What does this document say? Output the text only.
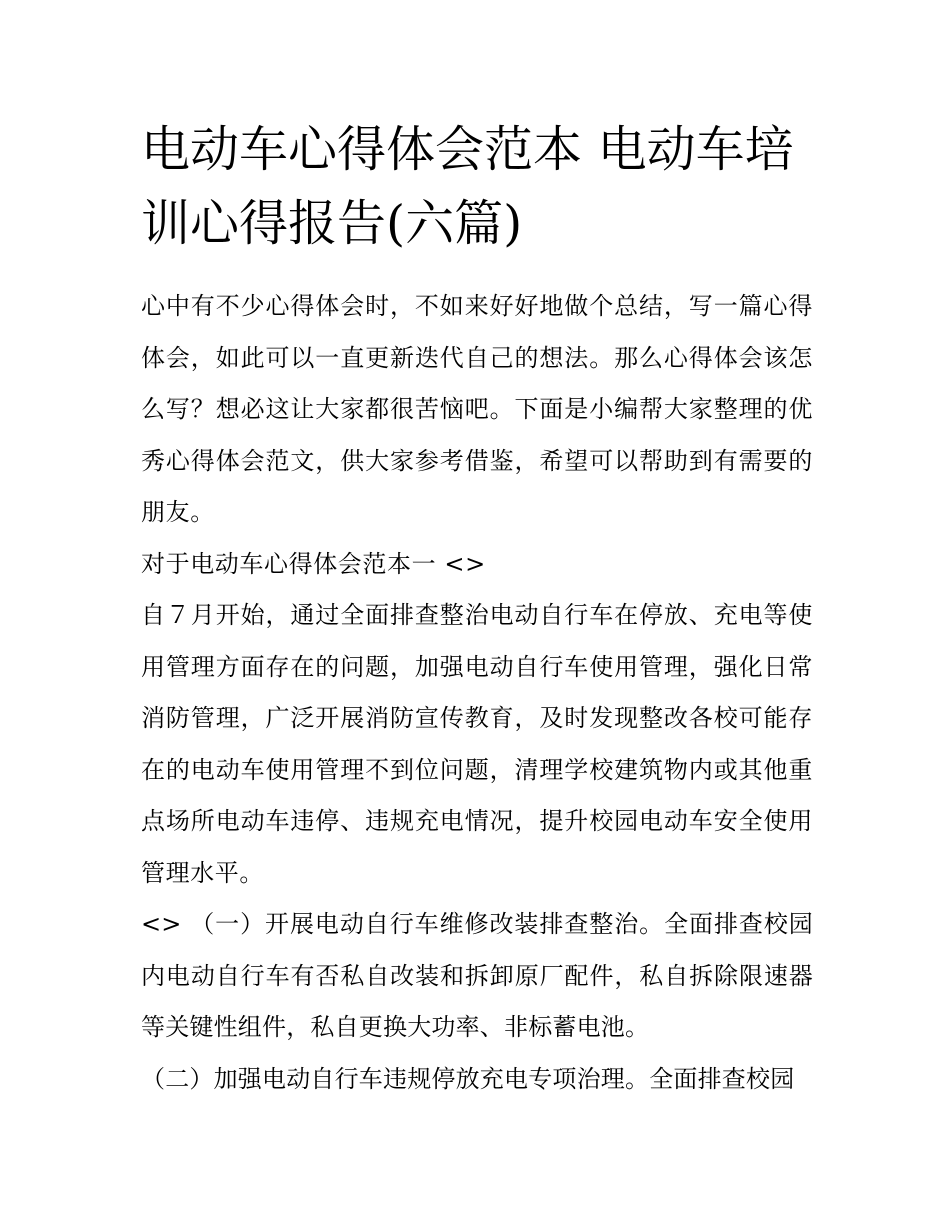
电动车心得体会范本 电动车培训心得报告(六篇)

心中有不少心得体会时，不如来好好地做个总结，写一篇心得体会，如此可以一直更新迭代自己的想法。那么心得体会该怎么写？想必这让大家都很苦恼吧。下面是小编帮大家整理的优秀心得体会范文，供大家参考借鉴，希望可以帮助到有需要的朋友。

对于电动车心得体会范本一 <>

自７月开始，通过全面排查整治电动自行车在停放、充电等使用管理方面存在的问题，加强电动自行车使用管理，强化日常消防管理，广泛开展消防宣传教育，及时发现整改各校可能存在的电动车使用管理不到位问题，清理学校建筑物内或其他重点场所电动车违停、违规充电情况，提升校园电动车安全使用管理水平。

<> （一）开展电动自行车维修改装排查整治。全面排查校园内电动自行车有否私自改装和拆卸原厂配件，私自拆除限速器等关键性组件，私自更换大功率、非标蓄电池。

（二）加强电动自行车违规停放充电专项治理。全面排查校园
